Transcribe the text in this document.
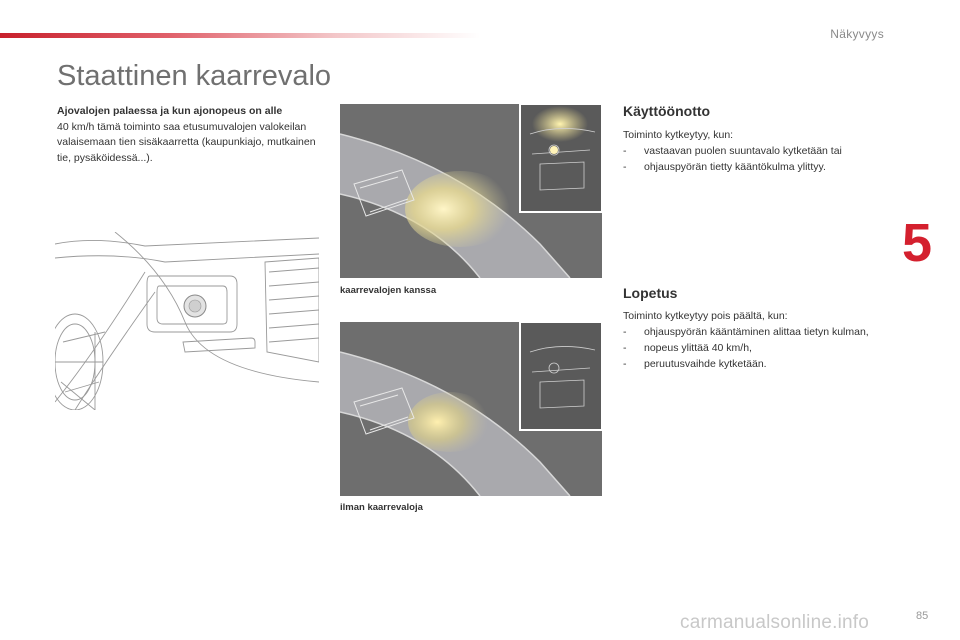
Näkyvyys
5
Staattinen kaarrevalo
Ajovalojen palaessa ja kun ajonopeus on alle
40 km/h tämä toiminto saa etusumuvalojen valokeilan valaisemaan tien sisäkaarretta (kaupunkiajo, mutkainen tie, pysäköidessä...).
kaarrevalojen kanssa
ilman kaarrevaloja
Käyttöönotto
Toiminto kytkeytyy, kun:
- vastaavan puolen suuntavalo kytketään tai
- ohjauspyörän tietty kääntökulma ylittyy.
Lopetus
Toiminto kytkeytyy pois päältä, kun:
- ohjauspyörän kääntäminen alittaa tietyn kulman,
- nopeus ylittää 40 km/h,
- peruutusvaihde kytketään.
carmanualsonline.info	85
